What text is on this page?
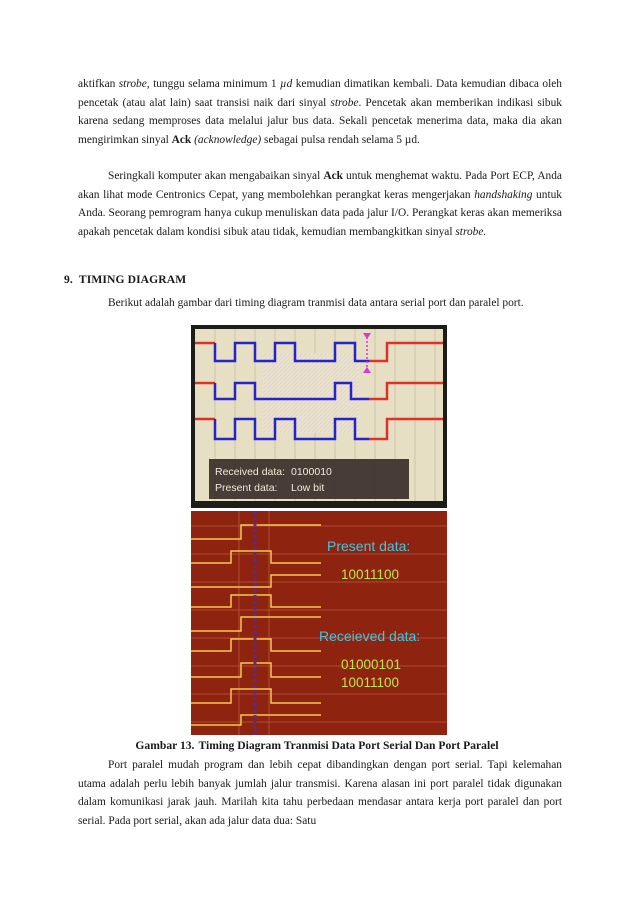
aktifkan strobe, tunggu selama minimum 1 µd kemudian dimatikan kembali. Data kemudian dibaca oleh pencetak (atau alat lain) saat transisi naik dari sinyal strobe. Pencetak akan memberikan indikasi sibuk karena sedang memproses data melalui jalur bus data. Sekali pencetak menerima data, maka dia akan mengirimkan sinyal Ack (acknowledge) sebagai pulsa rendah selama 5 µd.

Seringkali komputer akan mengabaikan sinyal Ack untuk menghemat waktu. Pada Port ECP, Anda akan lihat mode Centronics Cepat, yang membolehkan perangkat keras mengerjakan handshaking untuk Anda. Seorang pemrogram hanya cukup menuliskan data pada jalur I/O. Perangkat keras akan memeriksa apakah pencetak dalam kondisi sibuk atau tidak, kemudian membangkitkan sinyal strobe.

9. TIMING DIAGRAM

Berikut adalah gambar dari timing diagram tranmisi data antara serial port dan paralel port.

Received data: 0100010
Present data: Low bit
Present data:
10011100
Receieved data:
01000101
10011100

Gambar 13. Timing Diagram Tranmisi Data Port Serial Dan Port Paralel

Port paralel mudah program dan lebih cepat dibandingkan dengan port serial. Tapi kelemahan utama adalah perlu lebih banyak jumlah jalur transmisi. Karena alasan ini port paralel tidak digunakan dalam komunikasi jarak jauh. Marilah kita tahu perbedaan mendasar antara kerja port paralel dan port serial. Pada port serial, akan ada jalur data dua: Satu
